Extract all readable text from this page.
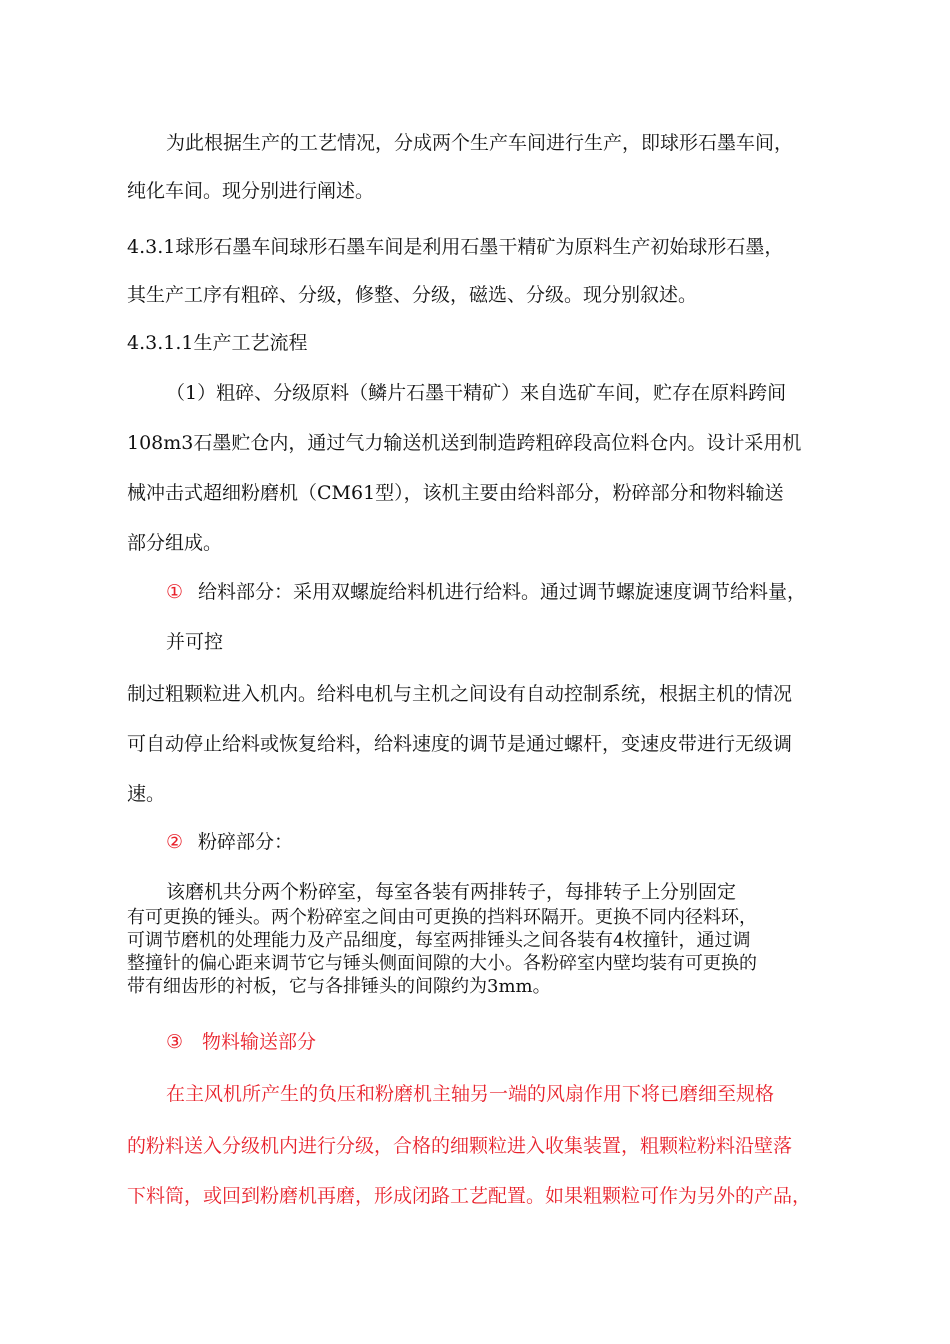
为此根据生产的工艺情况，分成两个生产车间进行生产，即球形石墨车间，
纯化车间。现分别进行阐述。
4.3.1球形石墨车间球形石墨车间是利用石墨干精矿为原料生产初始球形石墨，
其生产工序有粗碎、分级，修整、分级，磁选、分级。现分别叙述。
4.3.1.1生产工艺流程
（1）粗碎、分级原料（鳞片石墨干精矿）来自选矿车间，贮存在原料跨间
108m3石墨贮仓内，通过气力输送机送到制造跨粗碎段高位料仓内。设计采用机
械冲击式超细粉磨机（CM61型），该机主要由给料部分，粉碎部分和物料输送
部分组成。
① 给料部分：采用双螺旋给料机进行给料。通过调节螺旋速度调节给料量，
并可控
制过粗颗粒进入机内。给料电机与主机之间设有自动控制系统，根据主机的情况
可自动停止给料或恢复给料，给料速度的调节是通过螺杆，变速皮带进行无级调
速。
② 粉碎部分：
该磨机共分两个粉碎室，每室各装有两排转子，每排转子上分别固定
有可更换的锤头。两个粉碎室之间由可更换的挡料环隔开。更换不同内径料环，
可调节磨机的处理能力及产品细度，每室两排锤头之间各装有4枚撞针，通过调
整撞针的偏心距来调节它与锤头侧面间隙的大小。各粉碎室内壁均装有可更换的
带有细齿形的衬板，它与各排锤头的间隙约为3mm。
③ 物料输送部分
在主风机所产生的负压和粉磨机主轴另一端的风扇作用下将已磨细至规格
的粉料送入分级机内进行分级，合格的细颗粒进入收集装置，粗颗粒粉料沿壁落
下料筒，或回到粉磨机再磨，形成闭路工艺配置。如果粗颗粒可作为另外的产品，
